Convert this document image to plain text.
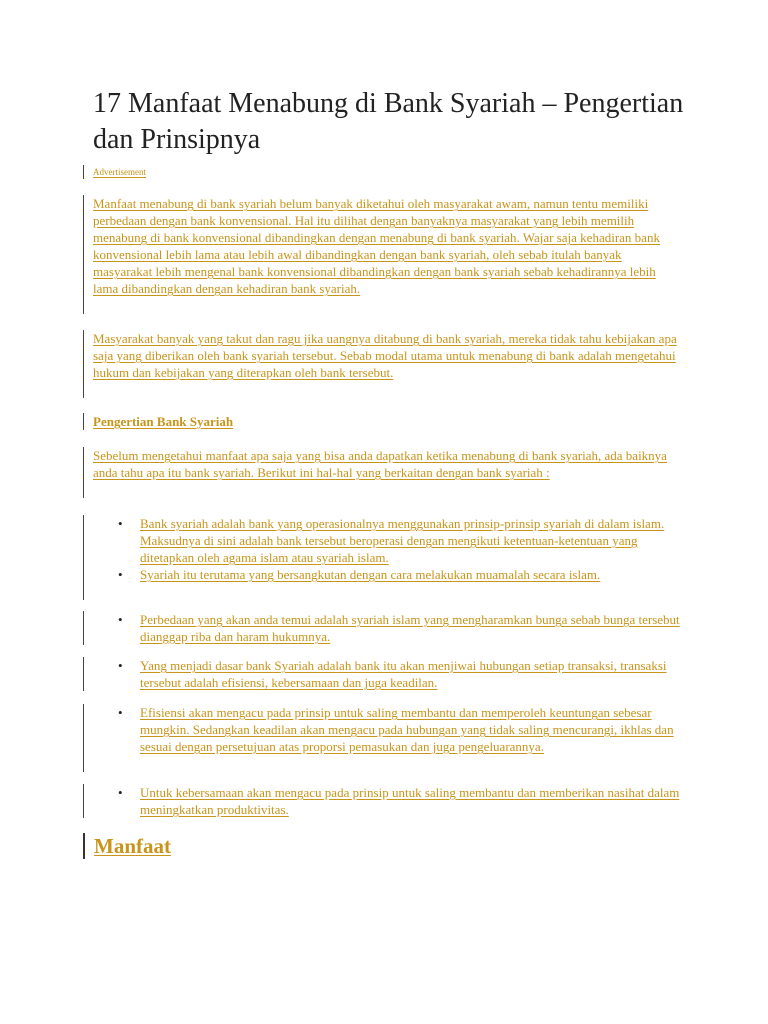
17 Manfaat Menabung di Bank Syariah – Pengertian dan Prinsipnya
Advertisement
Manfaat menabung di bank syariah belum banyak diketahui oleh masyarakat awam, namun tentu memiliki perbedaan dengan bank konvensional. Hal itu dilihat dengan banyaknya masyarakat yang lebih memilih menabung di bank konvensional dibandingkan dengan menabung di bank syariah. Wajar saja kehadiran bank konvensional lebih lama atau lebih awal dibandingkan dengan bank syariah, oleh sebab itulah banyak masyarakat lebih mengenal bank konvensional dibandingkan dengan bank syariah sebab kehadirannya lebih lama dibandingkan dengan kehadiran bank syariah.
Masyarakat banyak yang takut dan ragu jika uangnya ditabung di bank syariah, mereka tidak tahu kebijakan apa saja yang diberikan oleh bank syariah tersebut. Sebab modal utama untuk menabung di bank adalah mengetahui hukum dan kebijakan yang diterapkan oleh bank tersebut.
Pengertian Bank Syariah
Sebelum mengetahui manfaat apa saja yang bisa anda dapatkan ketika menabung di bank syariah, ada baiknya anda tahu apa itu bank syariah. Berikut ini hal-hal yang berkaitan dengan bank syariah :
• Bank syariah adalah bank yang operasionalnya menggunakan prinsip-prinsip syariah di dalam islam. Maksudnya di sini adalah bank tersebut beroperasi dengan mengikuti ketentuan-ketentuan yang ditetapkan oleh agama islam atau syariah islam.
• Syariah itu terutama yang bersangkutan dengan cara melakukan muamalah secara islam.
• Perbedaan yang akan anda temui adalah syariah islam yang mengharamkan bunga sebab bunga tersebut dianggap riba dan haram hukumnya.
• Yang menjadi dasar bank Syariah adalah bank itu akan menjiwai hubungan setiap transaksi, transaksi tersebut adalah efisiensi, kebersamaan dan juga keadilan.
• Efisiensi akan mengacu pada prinsip untuk saling membantu dan memperoleh keuntungan sebesar mungkin. Sedangkan keadilan akan mengacu pada hubungan yang tidak saling mencurangi, ikhlas dan sesuai dengan persetujuan atas proporsi pemasukan dan juga pengeluarannya.
• Untuk kebersamaan akan mengacu pada prinsip untuk saling membantu dan memberikan nasihat dalam meningkatkan produktivitas.
Manfaat
